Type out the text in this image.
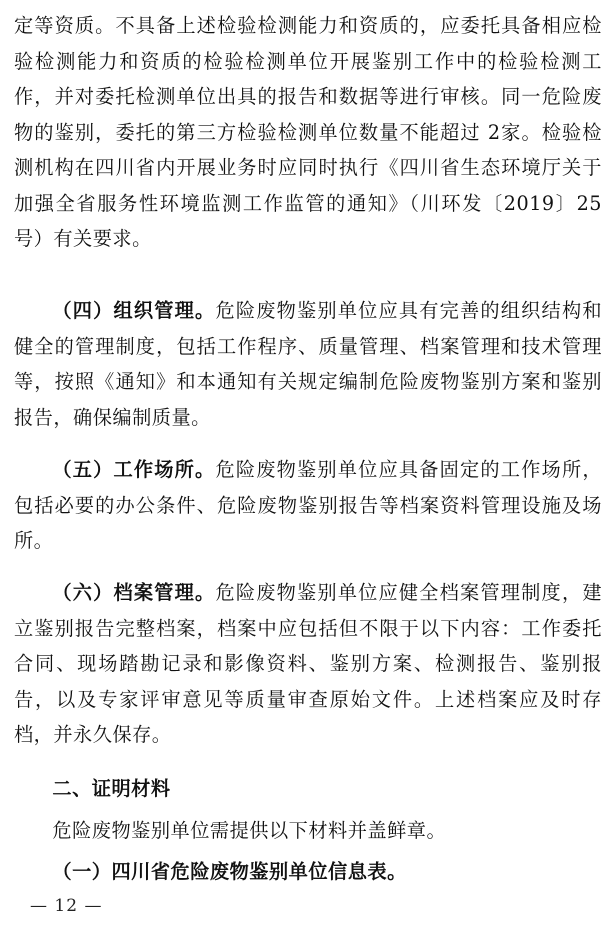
定等资质。不具备上述检验检测能力和资质的，应委托具备相应检验检测能力和资质的检验检测单位开展鉴别工作中的检验检测工作，并对委托检测单位出具的报告和数据等进行审核。同一危险废物的鉴别，委托的第三方检验检测单位数量不能超过 2家。检验检测机构在四川省内开展业务时应同时执行《四川省生态环境厅关于加强全省服务性环境监测工作监管的通知》（川环发〔2019〕25号）有关要求。

（四）组织管理。危险废物鉴别单位应具有完善的组织结构和健全的管理制度，包括工作程序、质量管理、档案管理和技术管理等，按照《通知》和本通知有关规定编制危险废物鉴别方案和鉴别报告，确保编制质量。

（五）工作场所。危险废物鉴别单位应具备固定的工作场所，包括必要的办公条件、危险废物鉴别报告等档案资料管理设施及场所。

（六）档案管理。危险废物鉴别单位应健全档案管理制度，建立鉴别报告完整档案，档案中应包括但不限于以下内容：工作委托合同、现场踏勘记录和影像资料、鉴别方案、检测报告、鉴别报告，以及专家评审意见等质量审查原始文件。上述档案应及时存档，并永久保存。

二、证明材料

危险废物鉴别单位需提供以下材料并盖鲜章。

（一）四川省危险废物鉴别单位信息表。

— 12 —
